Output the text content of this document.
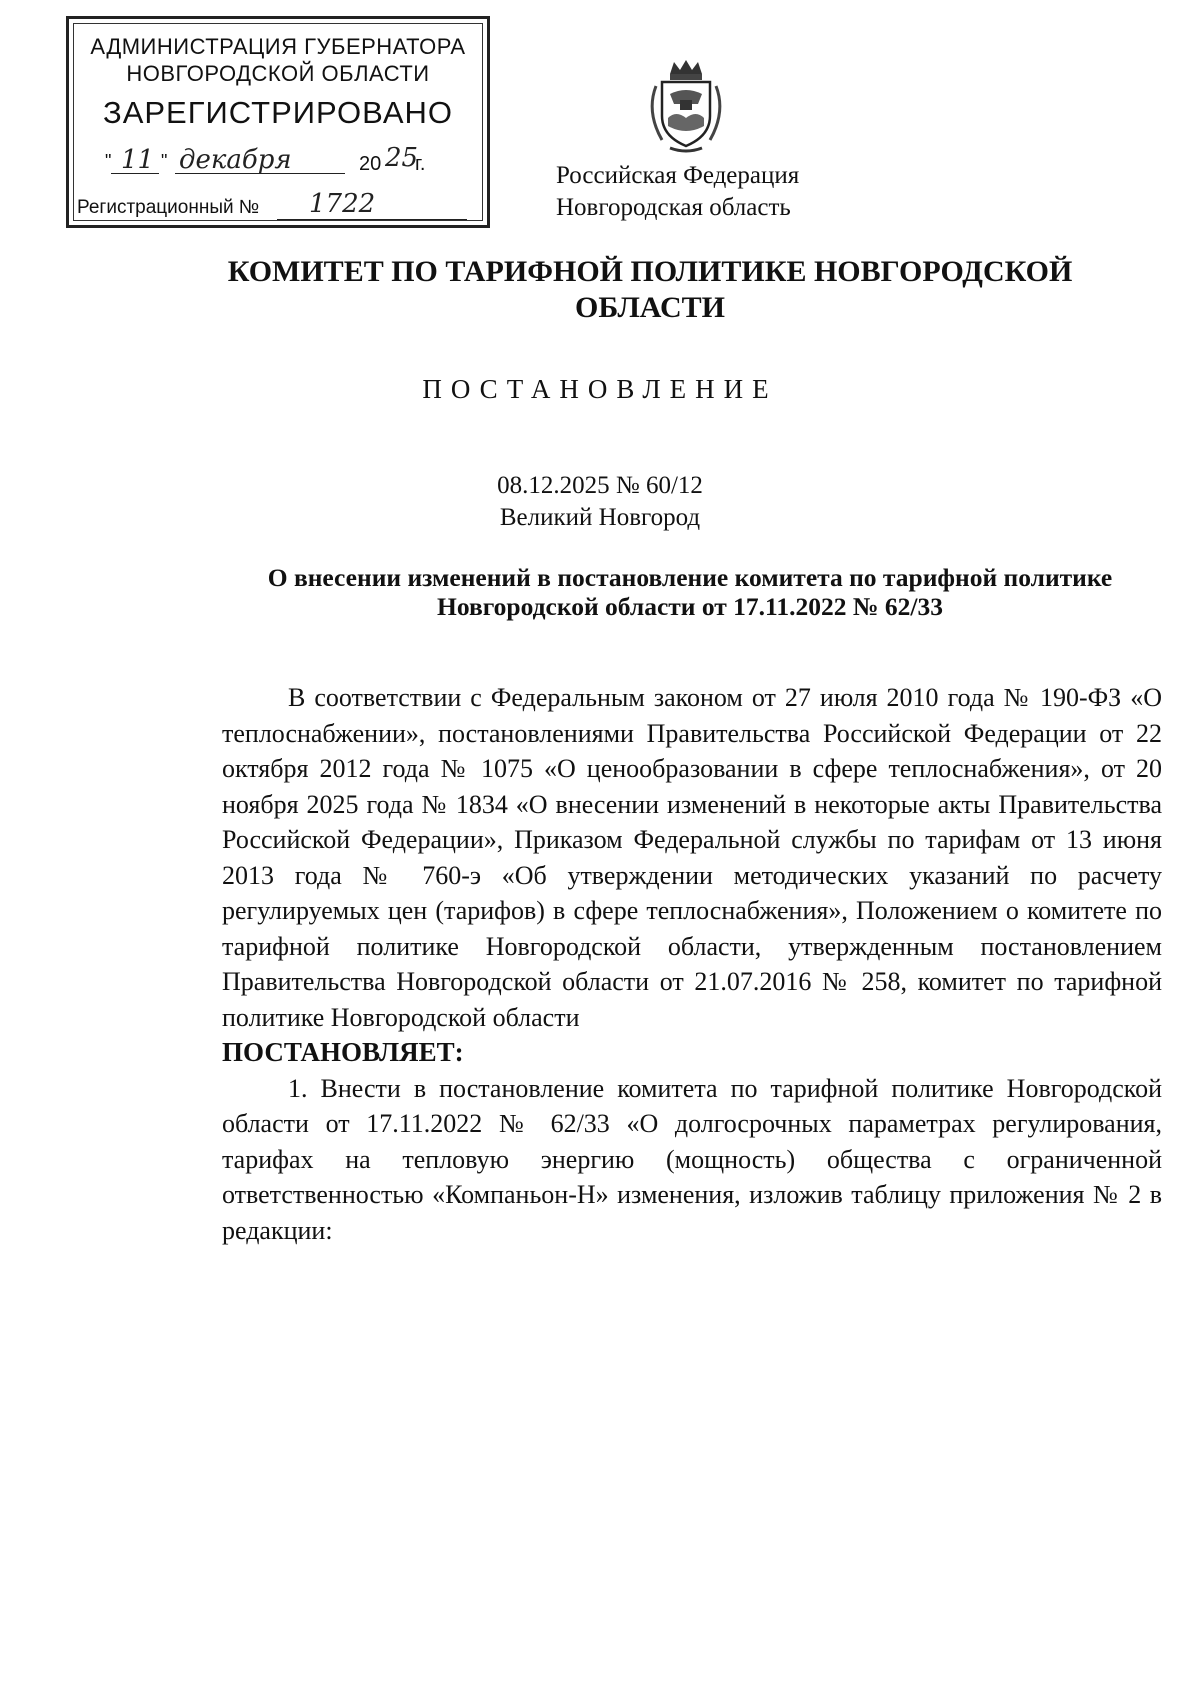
АДМИНИСТРАЦИЯ ГУБЕРНАТОРА
НОВГОРОДСКОЙ ОБЛАСТИ
ЗАРЕГИСТРИРОВАНО
" 11 " декабря	20 25
г.
Регистрационный № 1722
Российская Федерация
Новгородская область
КОМИТЕТ ПО ТАРИФНОЙ ПОЛИТИКЕ НОВГОРОДСКОЙ
ОБЛАСТИ
ПОСТАНОВЛЕНИЕ
08.12.2025 № 60/12
Великий Новгород
О внесении изменений в постановление комитета по тарифной политике
Новгородской области от 17.11.2022 № 62/33

В соответствии с Федеральным законом от 27 июля 2010 года № 190-ФЗ «О теплоснабжении», постановлениями Правительства Российской Федерации от 22 октября 2012 года № 1075 «О ценообразовании в сфере теплоснабжения», от 20 ноября 2025 года № 1834 «О внесении изменений в некоторые акты Правительства Российской Федерации», Приказом Федеральной службы по тарифам от 13 июня 2013 года № 760-э «Об утверждении методических указаний по расчету регулируемых цен (тарифов) в сфере теплоснабжения», Положением о комитете по тарифной политике Новгородской области, утвержденным постановлением Правительства Новгородской области от 21.07.2016 № 258, комитет по тарифной политике Новгородской области

ПОСТАНОВЛЯЕТ:

1. Внести в постановление комитета по тарифной политике Новгородской области от 17.11.2022 № 62/33 «О долгосрочных параметрах регулирования, тарифах на тепловую энергию (мощность) общества с ограниченной ответственностью «Компаньон-Н» изменения, изложив таблицу приложения № 2 в редакции:
